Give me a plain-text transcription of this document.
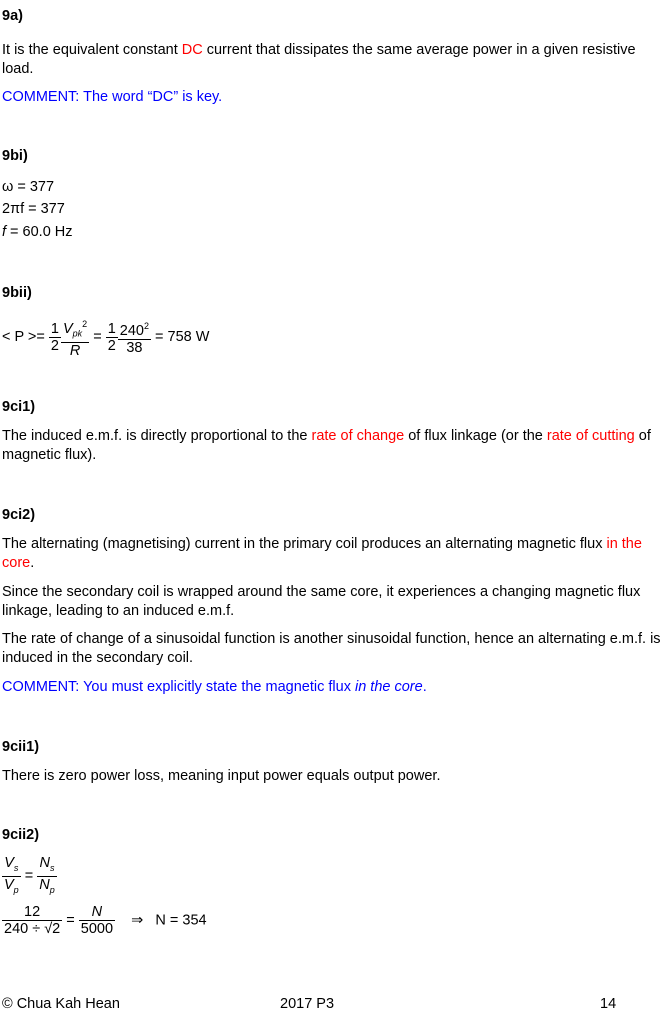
9a)
It is the equivalent constant DC current that dissipates the same average power in a given resistive load.
COMMENT: The word “DC” is key.
9bi)
ω = 377
2πf = 377
f = 60.0 Hz
9bii)
< $P >= \frac{1}{2} \frac{V_{pk}^2}{R} = \frac{1}{2} \frac{240^2}{38} = 758$ W
9ci1)
The induced e.m.f. is directly proportional to the rate of change of flux linkage (or the rate of cutting of magnetic flux).
9ci2)
The alternating (magnetising) current in the primary coil produces an alternating magnetic flux in the core.
Since the secondary coil is wrapped around the same core, it experiences a changing magnetic flux linkage, leading to an induced e.m.f.
The rate of change of a sinusoidal function is another sinusoidal function, hence an alternating e.m.f. is induced in the secondary coil.
COMMENT: You must explicitly state the magnetic flux in the core.
9cii1)
There is zero power loss, meaning input power equals output power.
9cii2)
$\frac{V_s}{V_p} = \frac{N_s}{N_p}$
$\frac{12}{240 \div √2} = \frac{N}{5000}$ ⇒ N = 354
© Chua Kah Hean	2017 P3	14
